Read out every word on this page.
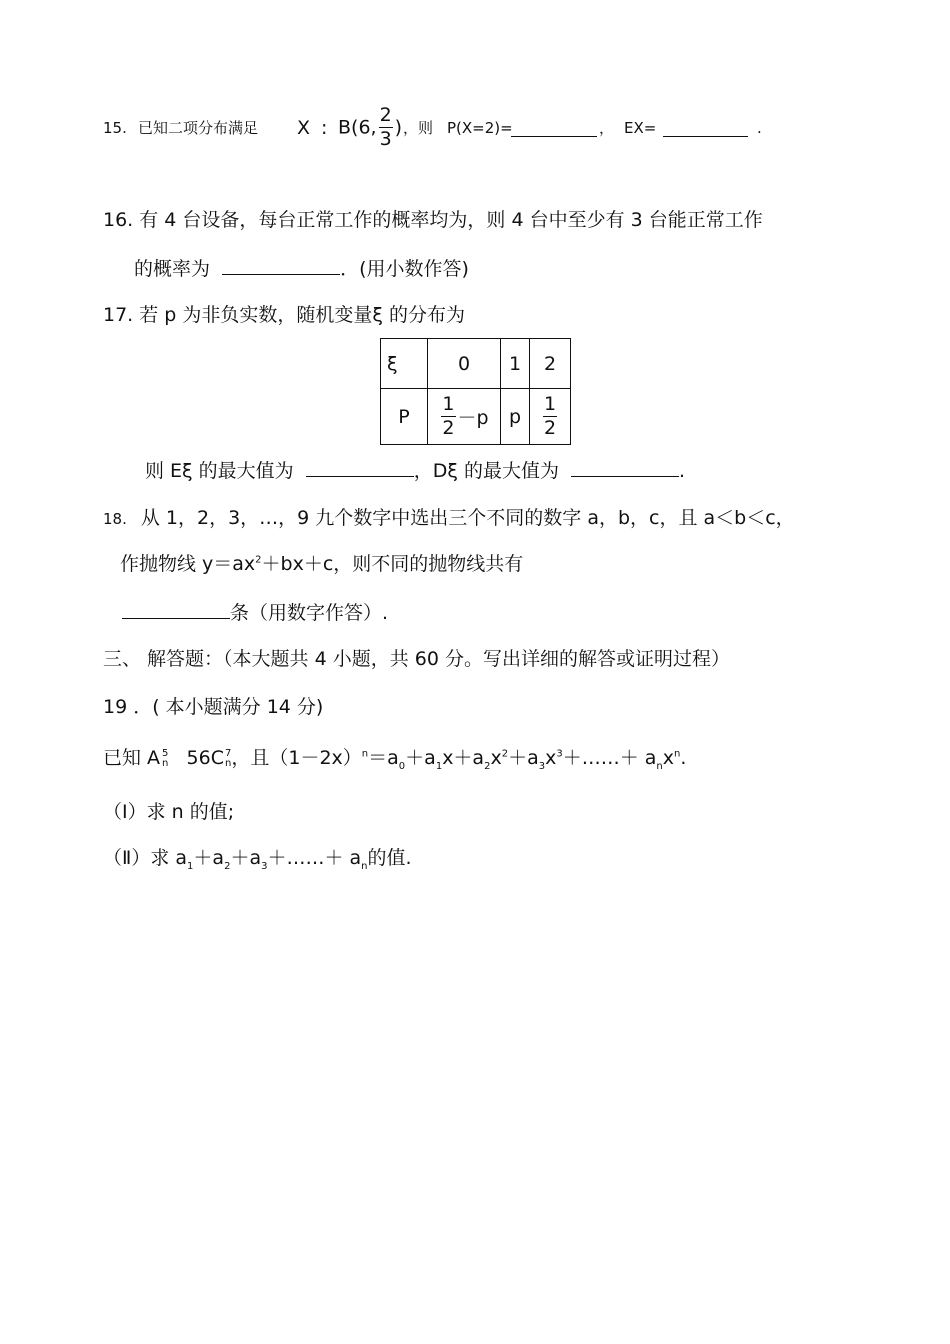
15. 已知二项分布满足 X : B(6, $\frac{2}{3}$ ) ，则 P(X=2)=	， EX=	.
16. 有 4 台设备，每台正常工作的概率均为，则 4 台中至少有 3 台能正常工作
的概率为	．(用小数作答)
17. 若 p 为非负实数，随机变量ξ 的分布为
ξ	0	1	2
P	$\frac{1}{2} -p$	p	$\frac{1}{2}$
则 Eξ 的最大值为	，Dξ 的最大值为	.
18. 从 1，2，3，…，9 九个数字中选出三个不同的数字 a，b，c，且 a＜b＜c，
作抛物线 $y=ax^2+bx+c$，则不同的抛物线共有
条（用数字作答）.
三、 解答题：（本大题共 4 小题，共 60 分。写出详细的解答或证明过程）
19 ．( 本小题满分 14 分)
已知 A 5
n 56C 7
n ，且$(1-2x)^n=a_0+a_1x+a_2x^2+a_3x^3+\dots\dots+ a_nx^n$.
（Ⅰ）求 n 的值;
（Ⅱ）求 $a_1+a_2+a_3+\dots\dots+ a_n$的值.
